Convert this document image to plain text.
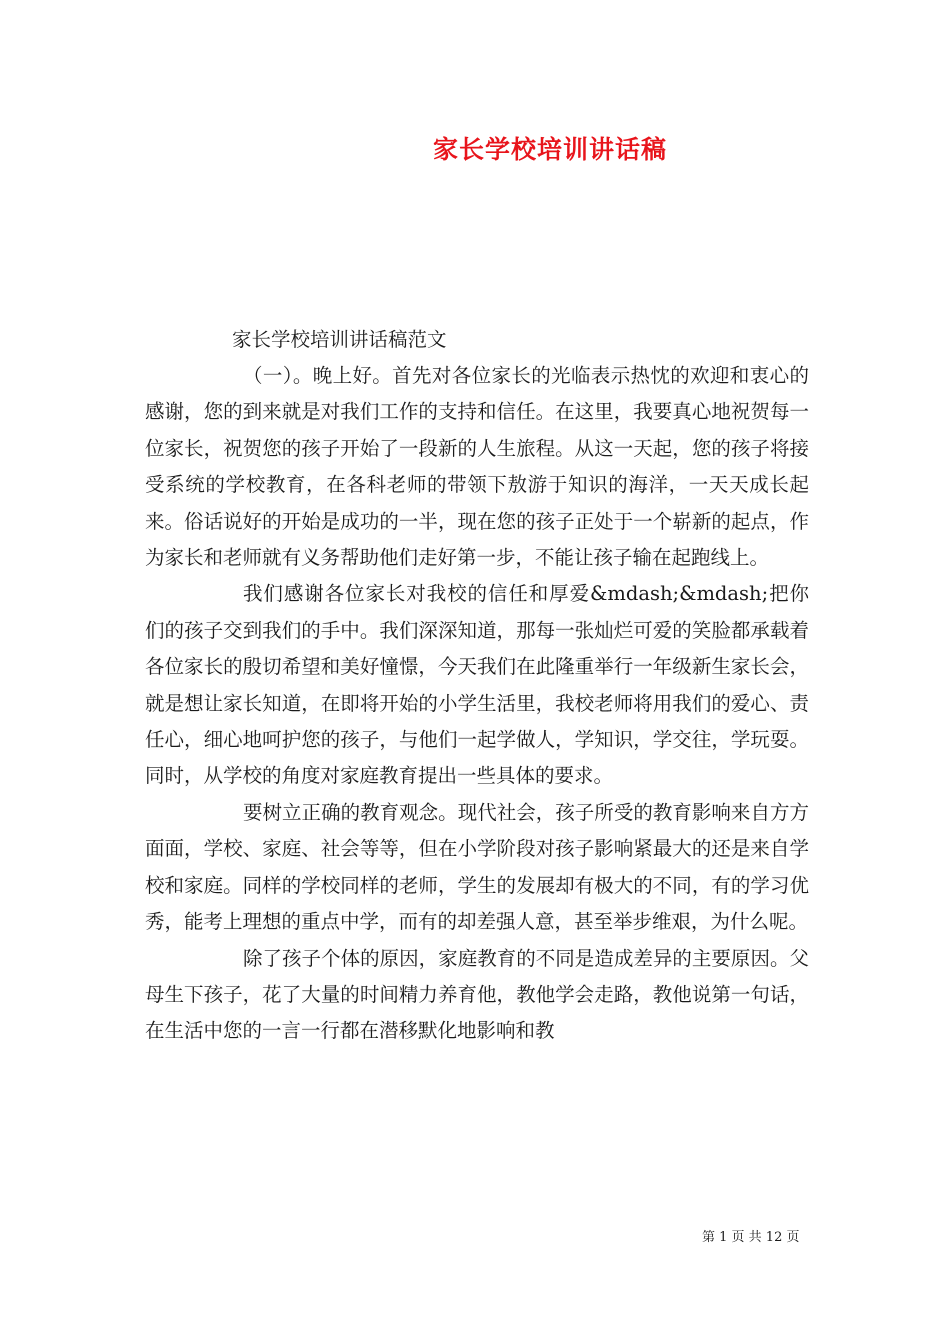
家长学校培训讲话稿
家长学校培训讲话稿范文

（一）。晚上好。首先对各位家长的光临表示热忱的欢迎和衷心的感谢，您的到来就是对我们工作的支持和信任。在这里，我要真心地祝贺每一位家长，祝贺您的孩子开始了一段新的人生旅程。从这一天起，您的孩子将接受系统的学校教育，在各科老师的带领下敖游于知识的海洋，一天天成长起来。俗话说好的开始是成功的一半，现在您的孩子正处于一个崭新的起点，作为家长和老师就有义务帮助他们走好第一步，不能让孩子输在起跑线上。

我们感谢各位家长对我校的信任和厚爱&mdash;&mdash;把你们的孩子交到我们的手中。我们深深知道，那每一张灿烂可爱的笑脸都承载着各位家长的殷切希望和美好憧憬，今天我们在此隆重举行一年级新生家长会，就是想让家长知道，在即将开始的小学生活里，我校老师将用我们的爱心、责任心，细心地呵护您的孩子，与他们一起学做人，学知识，学交往，学玩耍。同时，从学校的角度对家庭教育提出一些具体的要求。

要树立正确的教育观念。现代社会，孩子所受的教育影响来自方方面面，学校、家庭、社会等等，但在小学阶段对孩子影响紧最大的还是来自学校和家庭。同样的学校同样的老师，学生的发展却有极大的不同，有的学习优秀，能考上理想的重点中学，而有的却差强人意，甚至举步维艰，为什么呢。

除了孩子个体的原因，家庭教育的不同是造成差异的主要原因。父母生下孩子，花了大量的时间精力养育他，教他学会走路，教他说第一句话，在生活中您的一言一行都在潜移默化地影响和教

第 1 页 共 12 页
